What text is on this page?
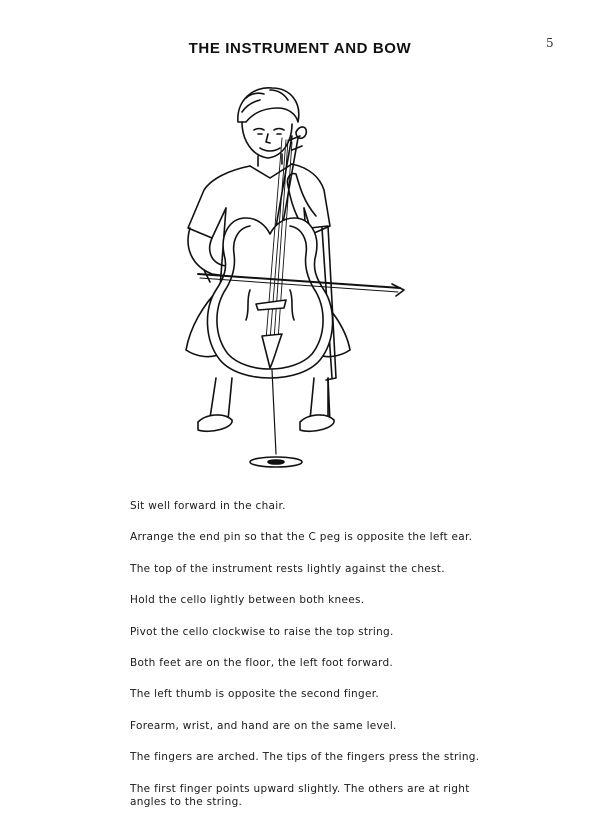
5
THE INSTRUMENT AND BOW
Sit well forward in the chair.
Arrange the end pin so that the C peg is opposite the left ear.
The top of the instrument rests lightly against the chest.
Hold the cello lightly between both knees.
Pivot the cello clockwise to raise the top string.
Both feet are on the floor, the left foot forward.
The left thumb is opposite the second finger.
Forearm, wrist, and hand are on the same level.
The fingers are arched. The tips of the fingers press the string.
The first finger points upward slightly. The others are at right angles to the string.
